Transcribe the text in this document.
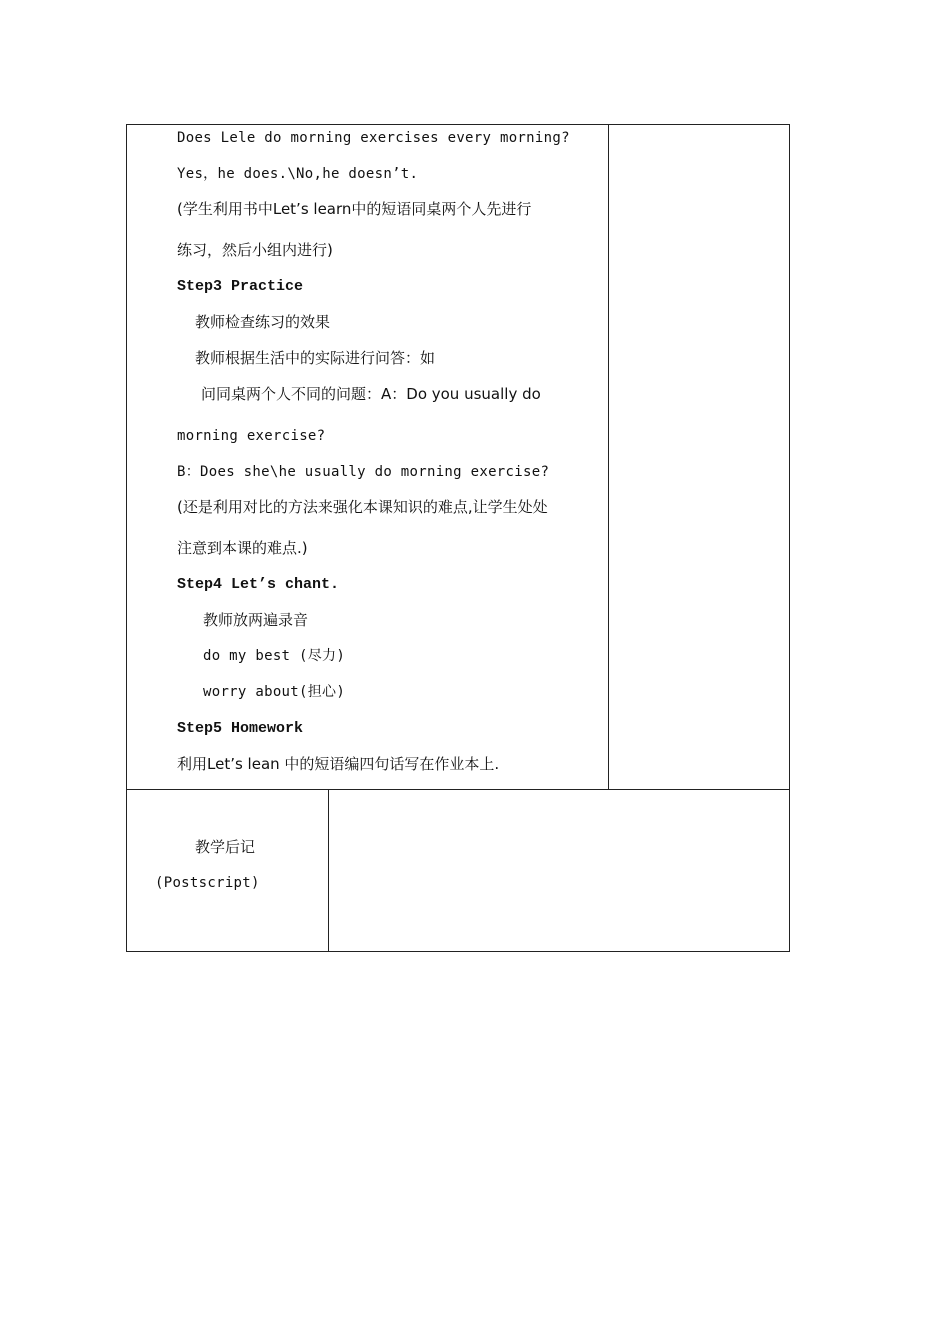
Does Lele do morning exercises every morning?
Yes，he does.\No,he doesn’t.
(学生利用书中Let’s learn中的短语同桌两个人先进行
练习，然后小组内进行)
Step3 Practice
教师检查练习的效果
教师根据生活中的实际进行问答：如
问同桌两个人不同的问题：A：Do you usually do
morning exercise?
B：Does she\he usually do morning exercise?
(还是利用对比的方法来强化本课知识的难点,让学生处处
注意到本课的难点.)
Step4 Let’s chant.
教师放两遍录音
do my best (尽力)
worry about(担心)
Step5 Homework
利用Let’s lean 中的短语编四句话写在作业本上.
教学后记
(Postscript)
